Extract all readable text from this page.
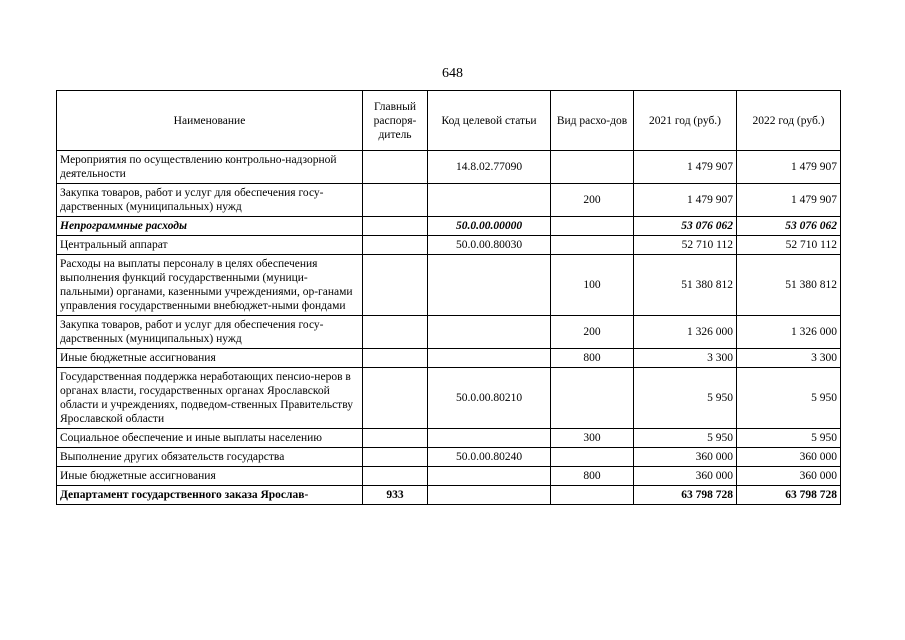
648
Наименование	Главный распоря-дитель	Код целевой статьи	Вид расхо-дов	2021 год (руб.)	2022 год (руб.)
Мероприятия по осуществлению контрольно-надзорной деятельности		14.8.02.77090		1 479 907	1 479 907
Закупка товаров, работ и услуг для обеспечения госу-дарственных (муниципальных) нужд			200	1 479 907	1 479 907
Непрограммные расходы		50.0.00.00000		53 076 062	53 076 062
Центральный аппарат		50.0.00.80030		52 710 112	52 710 112
Расходы на выплаты персоналу в целях обеспечения выполнения функций государственными (муници-пальными) органами, казенными учреждениями, ор-ганами управления государственными внебюджет-ными фондами			100	51 380 812	51 380 812
Закупка товаров, работ и услуг для обеспечения госу-дарственных (муниципальных) нужд			200	1 326 000	1 326 000
Иные бюджетные ассигнования			800	3 300	3 300
Государственная поддержка неработающих пенсио-неров в органах власти, государственных органах Ярославской области и учреждениях, подведом-ственных Правительству Ярославской области		50.0.00.80210		5 950	5 950
Социальное обеспечение и иные выплаты населению			300	5 950	5 950
Выполнение других обязательств государства		50.0.00.80240		360 000	360 000
Иные бюджетные ассигнования			800	360 000	360 000
Департамент государственного заказа Ярослав-	933			63 798 728	63 798 728
